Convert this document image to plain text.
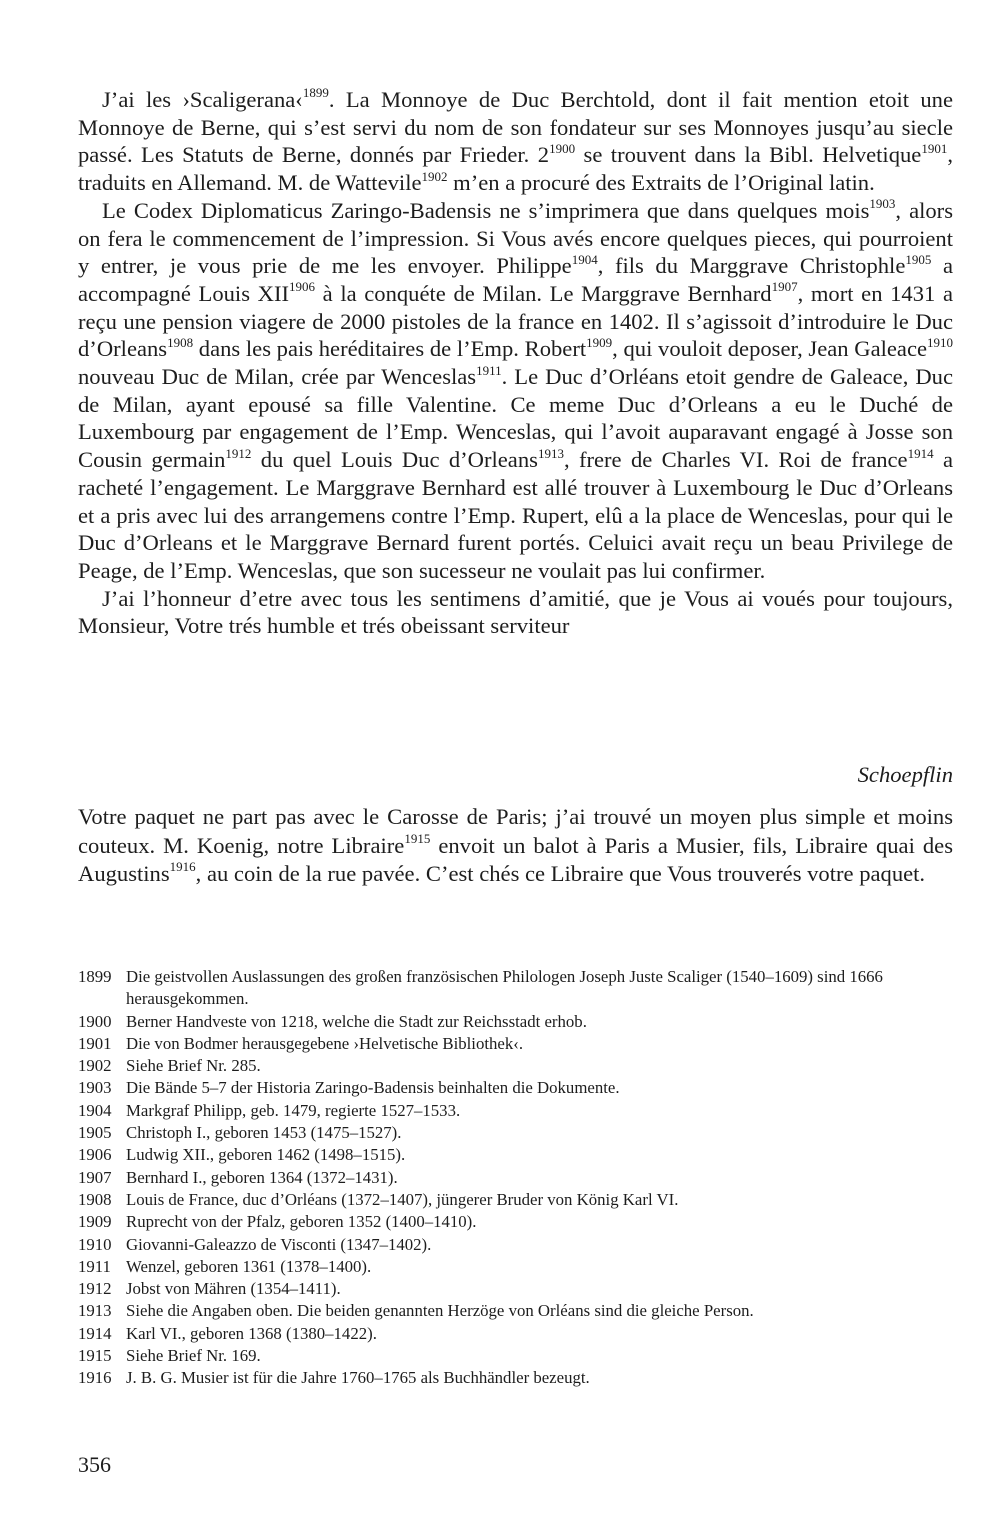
J’ai les ›Scaligerana‹$^{1899}$. La Monnoye de Duc Berchtold, dont il fait mention etoit une Monnoye de Berne, qui s’est servi du nom de son fondateur sur ses Monnoyes jusqu’au siecle passé. Les Statuts de Berne, donnés par Frieder. $2^{1900}$ se trouvent dans la Bibl. Helvetique$^{1901}$, traduits en Allemand. M. de Wattevile$^{1902}$ m’en a procuré des Extraits de l’Original latin.

Le Codex Diplomaticus Zaringo-Badensis ne s’imprimera que dans quelques mois$^{1903}$, alors on fera le commencement de l’impression. Si Vous avés encore quelques pieces, qui pourroient y entrer, je vous prie de me les envoyer. Philippe$^{1904}$, fils du Marggrave Christophle$^{1905}$ a accompagné Louis $XII^{1906}$ à la conquéte de Milan. Le Marggrave Bernhard$^{1907}$, mort en 1431 a reçu une pension viagere de 2000 pistoles de la france en 1402. Il s’agissoit d’introduire le Duc d’Orleans$^{1908}$ dans les pais heréditaires de l’Emp. Robert$^{1909}$, qui vouloit deposer, Jean Galeace$^{1910}$ nouveau Duc de Milan, crée par Wenceslas$^{1911}$. Le Duc d’Orléans etoit gendre de Galeace, Duc de Milan, ayant epousé sa fille Valentine. Ce meme Duc d’Orleans a eu le Duché de Luxembourg par engagement de l’Emp. Wenceslas, qui l’avoit auparavant engagé à Josse son Cousin germain$^{1912}$ du quel Louis Duc d’Orleans$^{1913}$, frere de Charles VI. Roi de france$^{1914}$ a racheté l’engagement. Le Marggrave Bernhard est allé trouver à Luxembourg le Duc d’Orleans et a pris avec lui des arrangemens contre l’Emp. Rupert, elû a la place de Wenceslas, pour qui le Duc d’Orleans et le Marggrave Bernard furent portés. Celuici avait reçu un beau Privilege de Peage, de l’Emp. Wenceslas, que son sucesseur ne voulait pas lui confirmer.

J’ai l’honneur d’etre avec tous les sentimens d’amitié, que je Vous ai voués pour toujours, Monsieur, Votre trés humble et trés obeissant serviteur

Schoepflin

Votre paquet ne part pas avec le Carosse de Paris; j’ai trouvé un moyen plus simple et moins couteux. M. Koenig, notre Libraire$^{1915}$ envoit un balot à Paris a Musier, fils, Libraire quai des Augustins$^{1916}$, au coin de la rue pavée. C’est chés ce Libraire que Vous trouverés votre paquet.

1899 Die geistvollen Auslassungen des großen französischen Philologen Joseph Juste Scaliger (1540–1609) sind 1666 herausgekommen.
1900 Berner Handveste von 1218, welche die Stadt zur Reichsstadt erhob.
1901 Die von Bodmer herausgegebene ›Helvetische Bibliothek‹.
1902 Siehe Brief Nr. 285.
1903 Die Bände 5–7 der Historia Zaringo-Badensis beinhalten die Dokumente.
1904 Markgraf Philipp, geb. 1479, regierte 1527–1533.
1905 Christoph I., geboren 1453 (1475–1527).
1906 Ludwig XII., geboren 1462 (1498–1515).
1907 Bernhard I., geboren 1364 (1372–1431).
1908 Louis de France, duc d’Orléans (1372–1407), jüngerer Bruder von König Karl VI.
1909 Ruprecht von der Pfalz, geboren 1352 (1400–1410).
1910 Giovanni-Galeazzo de Visconti (1347–1402).
1911 Wenzel, geboren 1361 (1378–1400).
1912 Jobst von Mähren (1354–1411).
1913 Siehe die Angaben oben. Die beiden genannten Herzöge von Orléans sind die gleiche Person.
1914 Karl VI., geboren 1368 (1380–1422).
1915 Siehe Brief Nr. 169.
1916 J. B. G. Musier ist für die Jahre 1760–1765 als Buchhändler bezeugt.
356
